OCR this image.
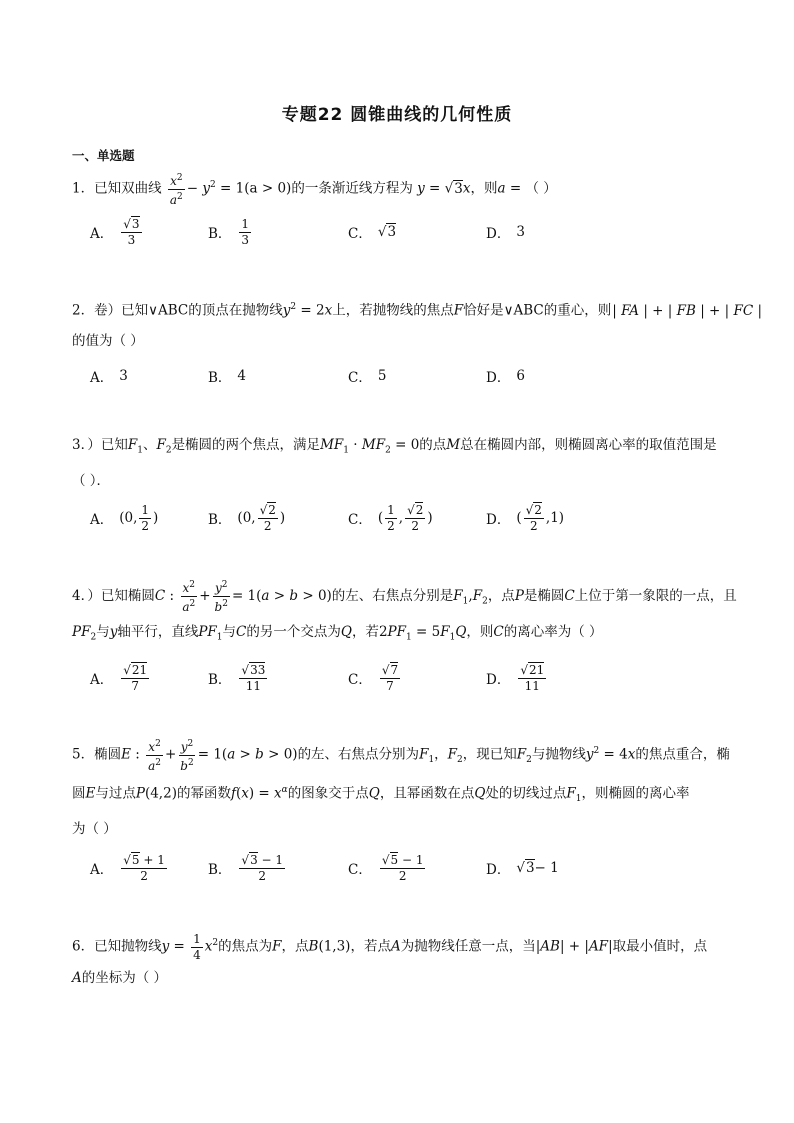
专题22 圆锥曲线的几何性质
一、单选题
1．已知双曲线 $\frac{x^2}{a^2} - y^2 = 1(a > 0)$的一条渐近线方程为 y = √3x，则a = （ ）
A． $\frac{√3}{3}$	B． $\frac{1}{3}$	C． √3	D． 3
2．卷）已知∨ABC的顶点在抛物线$y^2 = 2x$上，若抛物线的焦点F恰好是∨ABC的重心，则| FA | + | FB | + | FC |
的值为（ ）
A． 3	B． 4	C． 5	D． 6
3．）已知$F_1$、$F_2$是椭圆的两个焦点，满足$MF_1 \cdot MF_2 = 0$的点M总在椭圆内部，则椭圆离心率的取值范围是
（ ）．
A． (0, $\frac{1}{2}$ )	B． (0, $\frac{√2}{2}$ )	C． ( $\frac{1}{2}$ , $\frac{√2}{2}$ )	D． ( $\frac{√2}{2} ,1$)
4．）已知椭圆C : $\frac{x^2}{a^2} + \frac{y^2}{b^2} = 1(a > b > 0)$的左、右焦点分别是$F_1,F_2$，点P是椭圆C上位于第一象限的一点，且
$PF_2$与y轴平行，直线$PF_1$与C的另一个交点为Q，若$2PF_1 = 5F_1Q$，则C的离心率为（ ）
A． $\frac{√21}{7}$	B． $\frac{√33}{11}$	C． $\frac{√7}{7}$	D． $\frac{√21}{11}$
5．椭圆E : $\frac{x^2}{a^2} + \frac{y^2}{b^2} = 1(a > b > 0)$的左、右焦点分别为$F_1$，$F_2$，现已知$F_2$与抛物线$y^2 = 4x$的焦点重合，椭
圆E与过点P(4,2)的幂函数$f(x) = x^\alpha$的图象交于点Q，且幂函数在点Q处的切线过点$F_1$，则椭圆的离心率
为（ ）
A． $\frac{√5 + 1}{2}$	B． $\frac{√3 - 1}{2}$	C． $\frac{√5 - 1}{2}$	D． √3 − 1
6．已知抛物线$y = \frac{1}{4} x^2$的焦点为F，点B(1,3)，若点A为抛物线任意一点，当|AB| + |AF|取最小值时，点
A的坐标为（ ）
